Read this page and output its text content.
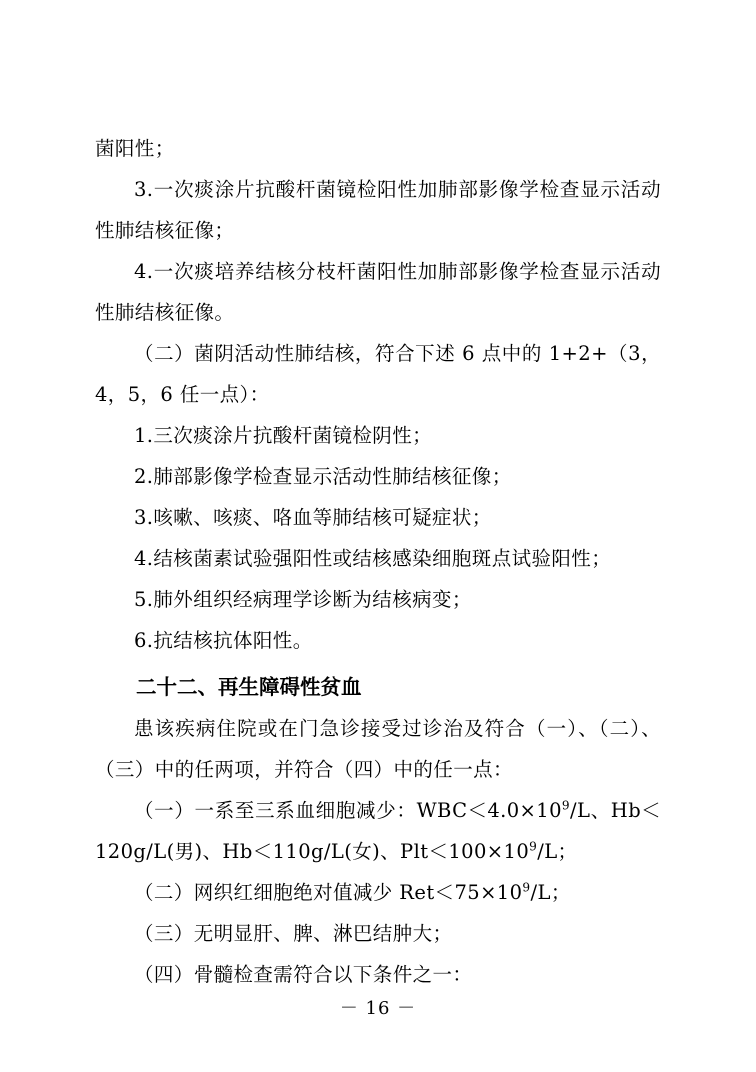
菌阳性；

3.一次痰涂片抗酸杆菌镜检阳性加肺部影像学检查显示活动性肺结核征像；

4.一次痰培养结核分枝杆菌阳性加肺部影像学检查显示活动性肺结核征像。

（二）菌阴活动性肺结核，符合下述 6 点中的 1+2+（3，4，5，6 任一点）：

1.三次痰涂片抗酸杆菌镜检阴性；

2.肺部影像学检查显示活动性肺结核征像；

3.咳嗽、咳痰、咯血等肺结核可疑症状；

4.结核菌素试验强阳性或结核感染细胞斑点试验阳性；

5.肺外组织经病理学诊断为结核病变；

6.抗结核抗体阳性。

二十二、再生障碍性贫血

患该疾病住院或在门急诊接受过诊治及符合（一）、（二）、（三）中的任两项，并符合（四）中的任一点：

（一）一系至三系血细胞减少：$WBC<4.0\times 10^9/L$、Hb＜120g/L(男)、Hb＜110g/L(女)、$Plt<100\times 10^9/L$；

（二）网织红细胞绝对值减少 $Ret<75\times 10^9/L$；

（三）无明显肝、脾、淋巴结肿大；

（四）骨髓检查需符合以下条件之一：

－ 16 －
